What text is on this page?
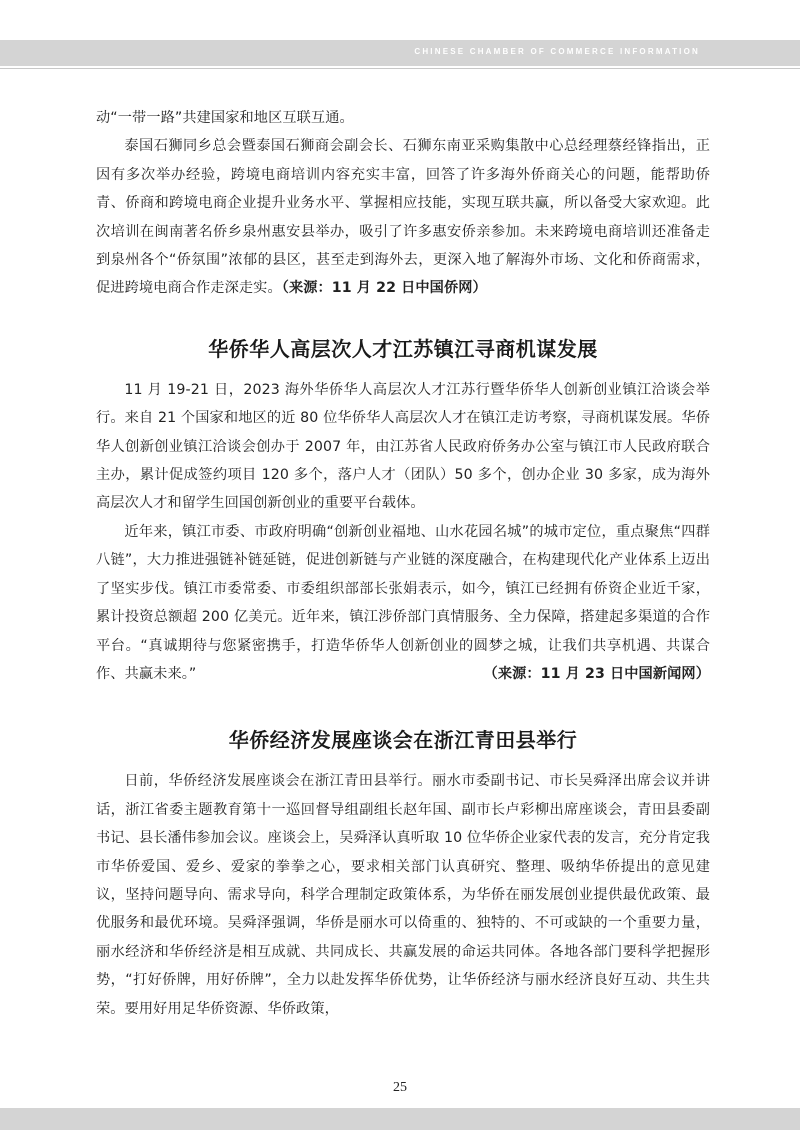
CHINESE CHAMBER OF COMMERCE INFORMATION

动“一带一路”共建国家和地区互联互通。

泰国石狮同乡总会暨泰国石狮商会副会长、石狮东南亚采购集散中心总经理蔡经锋指出，正因有多次举办经验，跨境电商培训内容充实丰富，回答了许多海外侨商关心的问题，能帮助侨青、侨商和跨境电商企业提升业务水平、掌握相应技能，实现互联共赢，所以备受大家欢迎。此次培训在闽南著名侨乡泉州惠安县举办，吸引了许多惠安侨亲参加。未来跨境电商培训还准备走到泉州各个“侨氛围”浓郁的县区，甚至走到海外去，更深入地了解海外市场、文化和侨商需求，促进跨境电商合作走深走实。（来源：11 月 22 日中国侨网）

华侨华人高层次人才江苏镇江寻商机谋发展

11 月 19-21 日，2023 海外华侨华人高层次人才江苏行暨华侨华人创新创业镇江洽谈会举行。来自 21 个国家和地区的近 80 位华侨华人高层次人才在镇江走访考察，寻商机谋发展。华侨华人创新创业镇江洽谈会创办于 2007 年，由江苏省人民政府侨务办公室与镇江市人民政府联合主办，累计促成签约项目 120 多个，落户人才（团队）50 多个，创办企业 30 多家，成为海外高层次人才和留学生回国创新创业的重要平台载体。

近年来，镇江市委、市政府明确“创新创业福地、山水花园名城”的城市定位，重点聚焦“四群八链”，大力推进强链补链延链，促进创新链与产业链的深度融合，在构建现代化产业体系上迈出了坚实步伐。镇江市委常委、市委组织部部长张娟表示，如今，镇江已经拥有侨资企业近千家，累计投资总额超 200 亿美元。近年来，镇江涉侨部门真情服务、全力保障，搭建起多渠道的合作平台。“真诚期待与您紧密携手，打造华侨华人创新创业的圆梦之城，让我们共享机遇、共谋合作、共赢未来。”	（来源：11 月 23 日中国新闻网）

华侨经济发展座谈会在浙江青田县举行

日前，华侨经济发展座谈会在浙江青田县举行。丽水市委副书记、市长吴舜泽出席会议并讲话，浙江省委主题教育第十一巡回督导组副组长赵年国、副市长卢彩柳出席座谈会，青田县委副书记、县长潘伟参加会议。座谈会上，吴舜泽认真听取 10 位华侨企业家代表的发言，充分肯定我市华侨爱国、爱乡、爱家的拳拳之心，要求相关部门认真研究、整理、吸纳华侨提出的意见建议，坚持问题导向、需求导向，科学合理制定政策体系，为华侨在丽发展创业提供最优政策、最优服务和最优环境。吴舜泽强调，华侨是丽水可以倚重的、独特的、不可或缺的一个重要力量，丽水经济和华侨经济是相互成就、共同成长、共赢发展的命运共同体。各地各部门要科学把握形势，“打好侨牌，用好侨牌”，全力以赴发挥华侨优势，让华侨经济与丽水经济良好互动、共生共荣。要用好用足华侨资源、华侨政策，

25
